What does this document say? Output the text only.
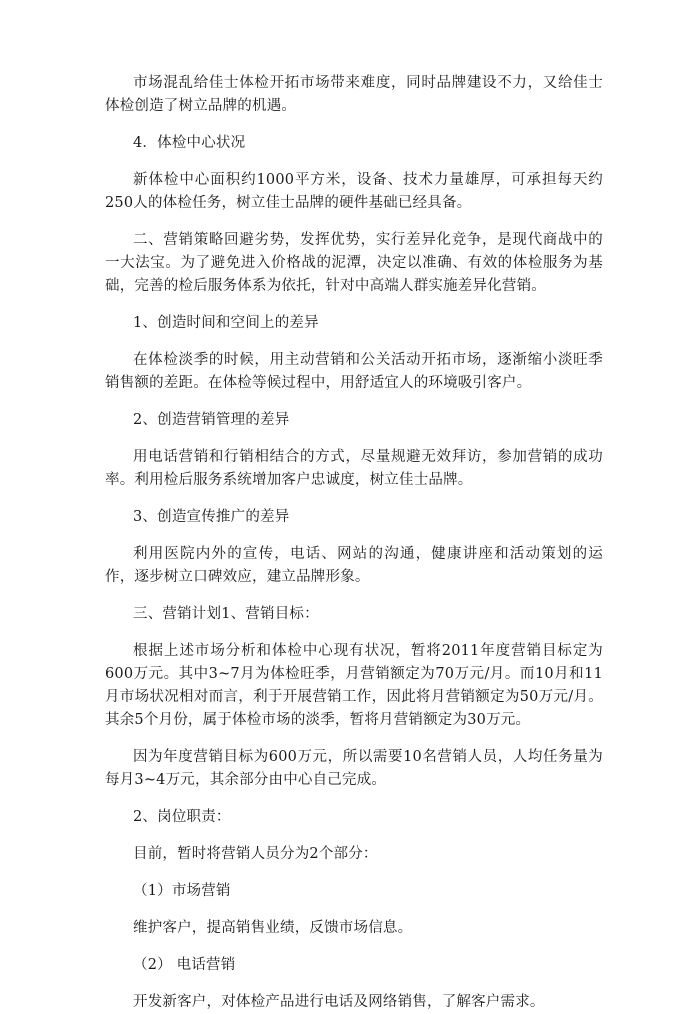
市场混乱给佳士体检开拓市场带来难度，同时品牌建设不力，又给佳士体检创造了树立品牌的机遇。

4．体检中心状况

新体检中心面积约1000平方米，设备、技术力量雄厚，可承担每天约250人的体检任务，树立佳士品牌的硬件基础已经具备。

二、营销策略回避劣势，发挥优势，实行差异化竞争，是现代商战中的一大法宝。为了避免进入价格战的泥潭，决定以准确、有效的体检服务为基础，完善的检后服务体系为依托，针对中高端人群实施差异化营销。

1、创造时间和空间上的差异

在体检淡季的时候，用主动营销和公关活动开拓市场，逐渐缩小淡旺季销售额的差距。在体检等候过程中，用舒适宜人的环境吸引客户。

2、创造营销管理的差异

用电话营销和行销相结合的方式，尽量规避无效拜访，参加营销的成功率。利用检后服务系统增加客户忠诚度，树立佳士品牌。

3、创造宣传推广的差异

利用医院内外的宣传，电话、网站的沟通，健康讲座和活动策划的运作，逐步树立口碑效应，建立品牌形象。

三、营销计划1、营销目标：

根据上述市场分析和体检中心现有状况，暂将2011年度营销目标定为600万元。其中3~7月为体检旺季，月营销额定为70万元/月。而10月和11月市场状况相对而言，利于开展营销工作，因此将月营销额定为50万元/月。其余5个月份，属于体检市场的淡季，暂将月营销额定为30万元。

因为年度营销目标为600万元，所以需要10名营销人员，人均任务量为每月3~4万元，其余部分由中心自己完成。

2、岗位职责：

目前，暂时将营销人员分为2个部分：

（1）市场营销

维护客户，提高销售业绩，反馈市场信息。

（2） 电话营销

开发新客户，对体检产品进行电话及网络销售，了解客户需求。
